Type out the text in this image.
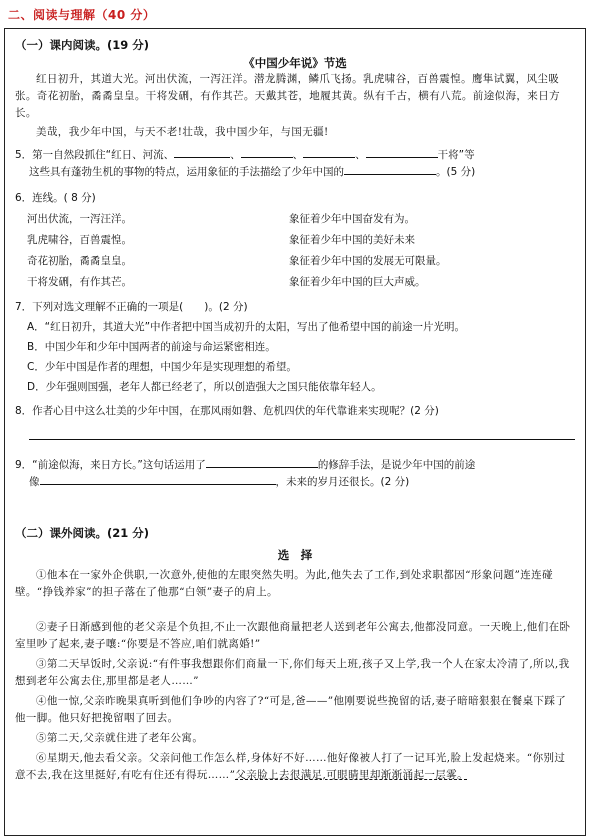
二、阅读与理解（40 分）
（一）课内阅读。(19 分)
《中国少年说》节选
红日初升，其道大光。河出伏流，一泻汪洋。潜龙腾渊，鳞爪飞扬。乳虎啸谷，百兽震惶。鹰隼试翼，风尘吸张。奇花初胎，矞矞皇皇。干将发硎，有作其芒。天戴其苍，地履其黄。纵有千古，横有八荒。前途似海，来日方长。
美哉，我少年中国，与天不老!壮哉，我中国少年，与国无疆!
5．第一自然段抓住“红日、河流、	、	、	、	干将”等
这些具有蓬勃生机的事物的特点，运用象征的手法描绘了少年中国的	。(5 分)
6．连线。( 8 分)
河出伏流，一泻汪洋。	象征着少年中国奋发有为。
乳虎啸谷，百兽震惶。	象征着少年中国的美好未来
奇花初胎，矞矞皇皇。	象征着少年中国的发展无可限量。
干将发硎，有作其芒。	象征着少年中国的巨大声威。
7．下列对选文理解不正确的一项是(　　)。(2 分)
A．“红日初升，其道大光”中作者把中国当成初升的太阳，写出了他希望中国的前途一片光明。
B．中国少年和少年中国两者的前途与命运紧密相连。
C．少年中国是作者的理想，中国少年是实现理想的希望。
D．少年强则国强，老年人都已经老了，所以创造强大之国只能依靠年轻人。
8．作者心目中这么壮美的少年中国，在那风雨如磐、危机四伏的年代靠谁来实现呢？(2 分)
9．“前途似海，来日方长。”这句话运用了	的修辞手法，是说少年中国的前途
像	，未来的岁月还很长。(2 分)
（二）课外阅读。(21 分)
选　择
①他本在一家外企供职,一次意外,使他的左眼突然失明。为此,他失去了工作,到处求职都因“形象问题”连连碰壁。“挣钱养家”的担子落在了他那“白领”妻子的肩上。
②妻子日渐感到他的老父亲是个负担,不止一次跟他商量把老人送到老年公寓去,他都没同意。一天晚上,他们在卧室里吵了起来,妻子嚷:“你要是不答应,咱们就离婚!”
③第二天早饭时,父亲说:“有件事我想跟你们商量一下,你们每天上班,孩子又上学,我一个人在家太冷清了,所以,我想到老年公寓去住,那里都是老人……”
④他一惊,父亲昨晚果真听到他们争吵的内容了?“可是,爸——”他刚要说些挽留的话,妻子暗暗狠狠在餐桌下踩了他一脚。他只好把挽留咽了回去。
⑤第二天,父亲就住进了老年公寓。
⑥星期天,他去看父亲。父亲问他工作怎么样,身体好不好……他好像被人打了一记耳光,脸上发起烧来。“你别过意不去,我在这里挺好,有吃有住还有得玩……”父亲脸上去很满足,可眼睛里却渐渐涌起一层雾。
